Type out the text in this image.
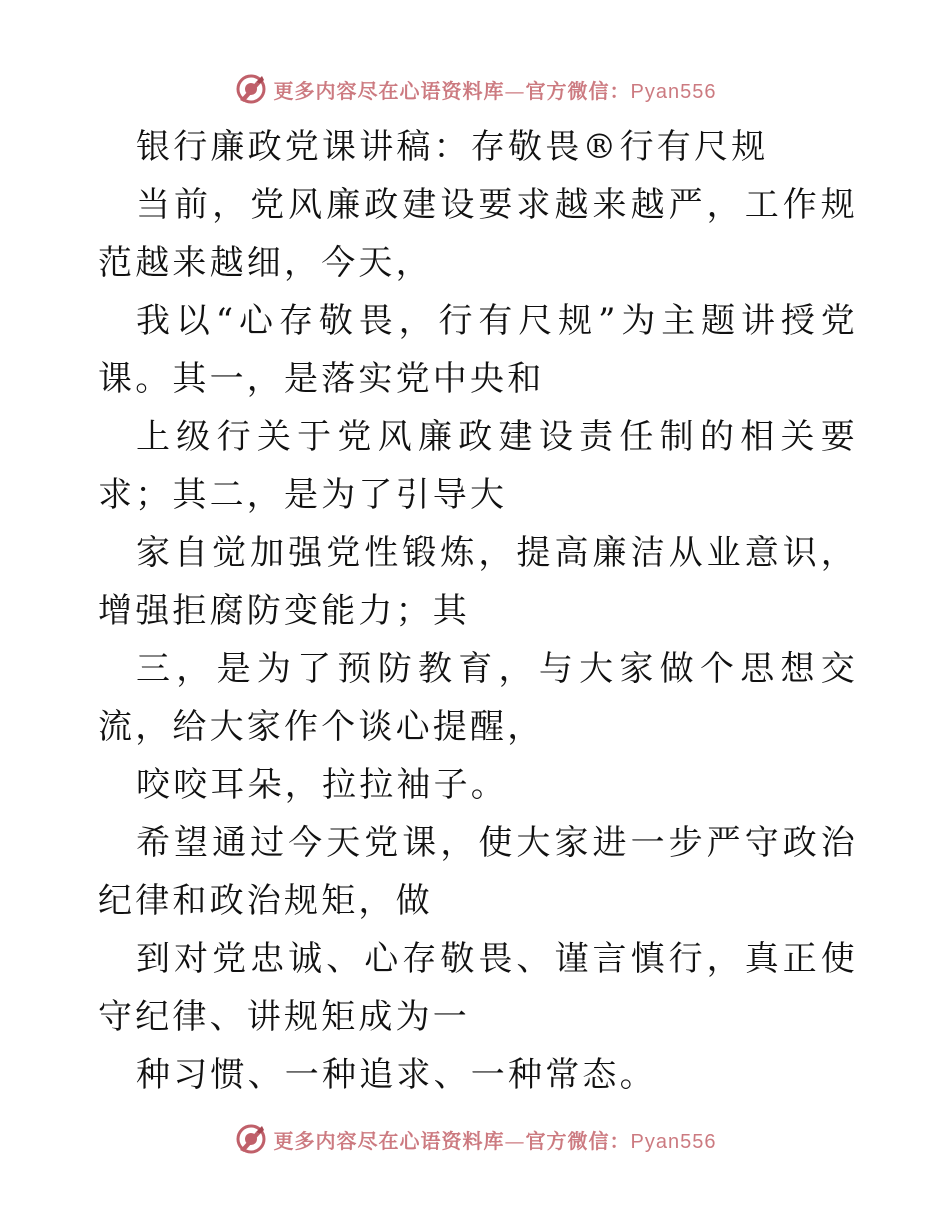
更多内容尽在心语资料库—官方微信：Pyan556

银行廉政党课讲稿：存敬畏®行有尺规

当前，党风廉政建设要求越来越严，工作规范越来越细，今天，

我以“心存敬畏，行有尺规”为主题讲授党课。其一，是落实党中央和

上级行关于党风廉政建设责任制的相关要求；其二，是为了引导大

家自觉加强党性锻炼，提高廉洁从业意识，增强拒腐防变能力；其

三，是为了预防教育，与大家做个思想交流，给大家作个谈心提醒，

咬咬耳朵，拉拉袖子。

希望通过今天党课，使大家进一步严守政治纪律和政治规矩，做

到对党忠诚、心存敬畏、谨言慎行，真正使守纪律、讲规矩成为一

种习惯、一种追求、一种常态。

更多内容尽在心语资料库—官方微信：Pyan556
